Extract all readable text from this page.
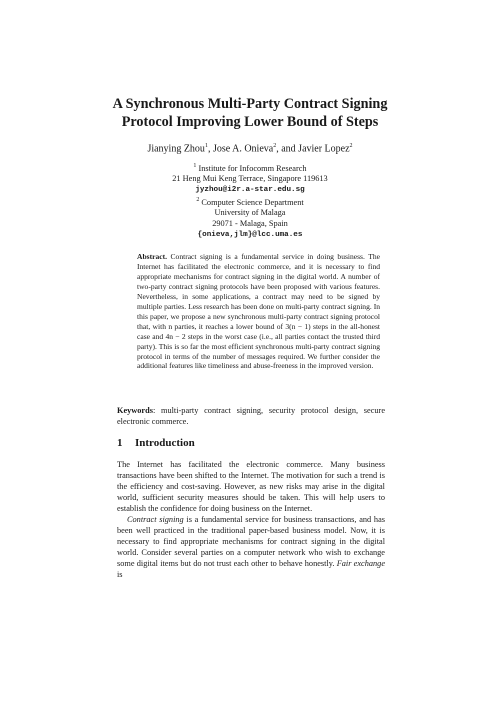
A Synchronous Multi-Party Contract Signing
Protocol Improving Lower Bound of Steps
Jianying Zhou$^1$, Jose A. Onieva$^2$, and Javier Lopez$^2$
$^1$ Institute for Infocomm Research
21 Heng Mui Keng Terrace, Singapore 119613
jyzhou@i2r.a-star.edu.sg
$^2$ Computer Science Department
University of Malaga
29071 - Malaga, Spain
{onieva,jlm}@lcc.uma.es
Abstract. Contract signing is a fundamental service in doing business. The Internet has facilitated the electronic commerce, and it is necessary to find appropriate mechanisms for contract signing in the digital world. A number of two-party contract signing protocols have been proposed with various features. Nevertheless, in some applications, a contract may need to be signed by multiple parties. Less research has been done on multi-party contract signing. In this paper, we propose a new synchronous multi-party contract signing protocol that, with n parties, it reaches a lower bound of 3(n − 1) steps in the all-honest case and 4n − 2 steps in the worst case (i.e., all parties contact the trusted third party). This is so far the most efficient synchronous multi-party contract signing protocol in terms of the number of messages required. We further consider the additional features like timeliness and abuse-freeness in the improved version.
Keywords: multi-party contract signing, security protocol design, secure electronic commerce.
1 Introduction
The Internet has facilitated the electronic commerce. Many business transactions have been shifted to the Internet. The motivation for such a trend is the efficiency and cost-saving. However, as new risks may arise in the digital world, sufficient security measures should be taken. This will help users to establish the confidence for doing business on the Internet.
Contract signing is a fundamental service for business transactions, and has been well practiced in the traditional paper-based business model. Now, it is necessary to find appropriate mechanisms for contract signing in the digital world. Consider several parties on a computer network who wish to exchange some digital items but do not trust each other to behave honestly. Fair exchange is
